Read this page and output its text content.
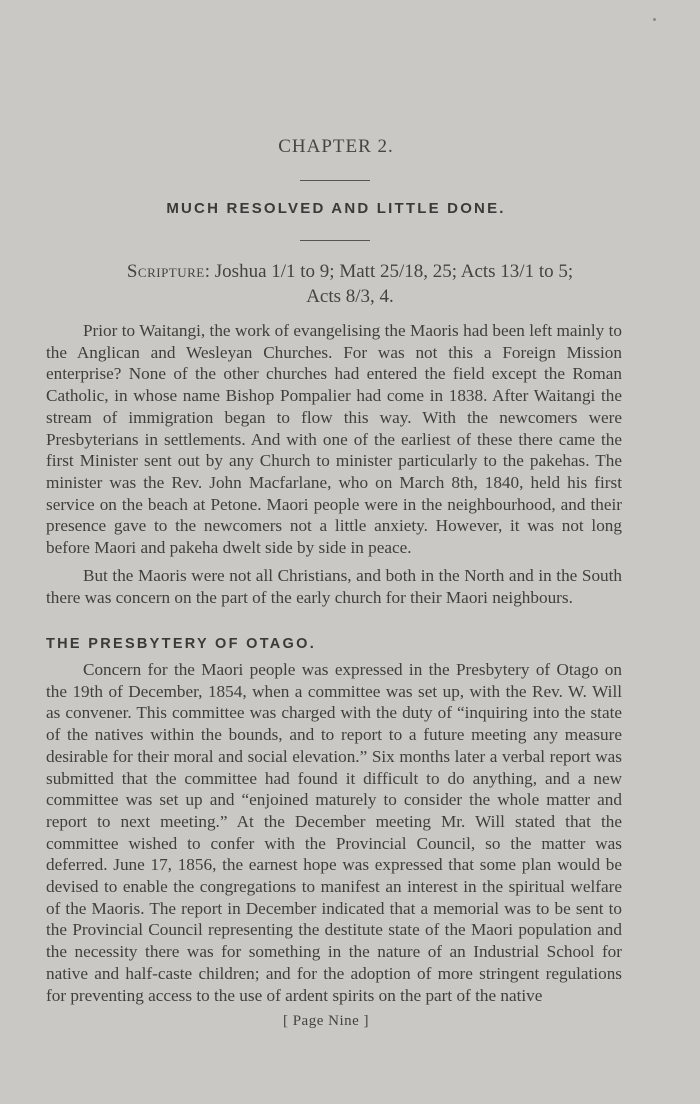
CHAPTER 2.
MUCH RESOLVED AND LITTLE DONE.
Scripture: Joshua 1/1 to 9; Matt 25/18, 25; Acts 13/1 to 5;
Acts 8/3, 4.

Prior to Waitangi, the work of evangelising the Maoris had been left mainly to the Anglican and Wesleyan Churches. For was not this a Foreign Mission enterprise? None of the other churches had entered the field except the Roman Catholic, in whose name Bishop Pompalier had come in 1838. After Waitangi the stream of immigration began to flow this way. With the newcomers were Presbyterians in settlements. And with one of the earliest of these there came the first Minister sent out by any Church to minister particularly to the pakehas. The minister was the Rev. John Macfarlane, who on March 8th, 1840, held his first service on the beach at Petone. Maori people were in the neighbourhood, and their presence gave to the newcomers not a little anxiety. However, it was not long before Maori and pakeha dwelt side by side in peace.

But the Maoris were not all Christians, and both in the North and in the South there was concern on the part of the early church for their Maori neighbours.

THE PRESBYTERY OF OTAGO.

Concern for the Maori people was expressed in the Presbytery of Otago on the 19th of December, 1854, when a committee was set up, with the Rev. W. Will as convener. This committee was charged with the duty of “inquiring into the state of the natives within the bounds, and to report to a future meeting any measure desirable for their moral and social elevation.” Six months later a verbal report was submitted that the committee had found it difficult to do anything, and a new committee was set up and “enjoined maturely to consider the whole matter and report to next meeting.” At the December meeting Mr. Will stated that the committee wished to confer with the Provincial Council, so the matter was deferred. June 17, 1856, the earnest hope was expressed that some plan would be devised to enable the congregations to manifest an interest in the spiritual welfare of the Maoris. The report in December indicated that a memorial was to be sent to the Provincial Council representing the destitute state of the Maori population and the necessity there was for something in the nature of an Industrial School for native and half-caste children; and for the adoption of more stringent regulations for preventing access to the use of ardent spirits on the part of the native

[ Page Nine ]
